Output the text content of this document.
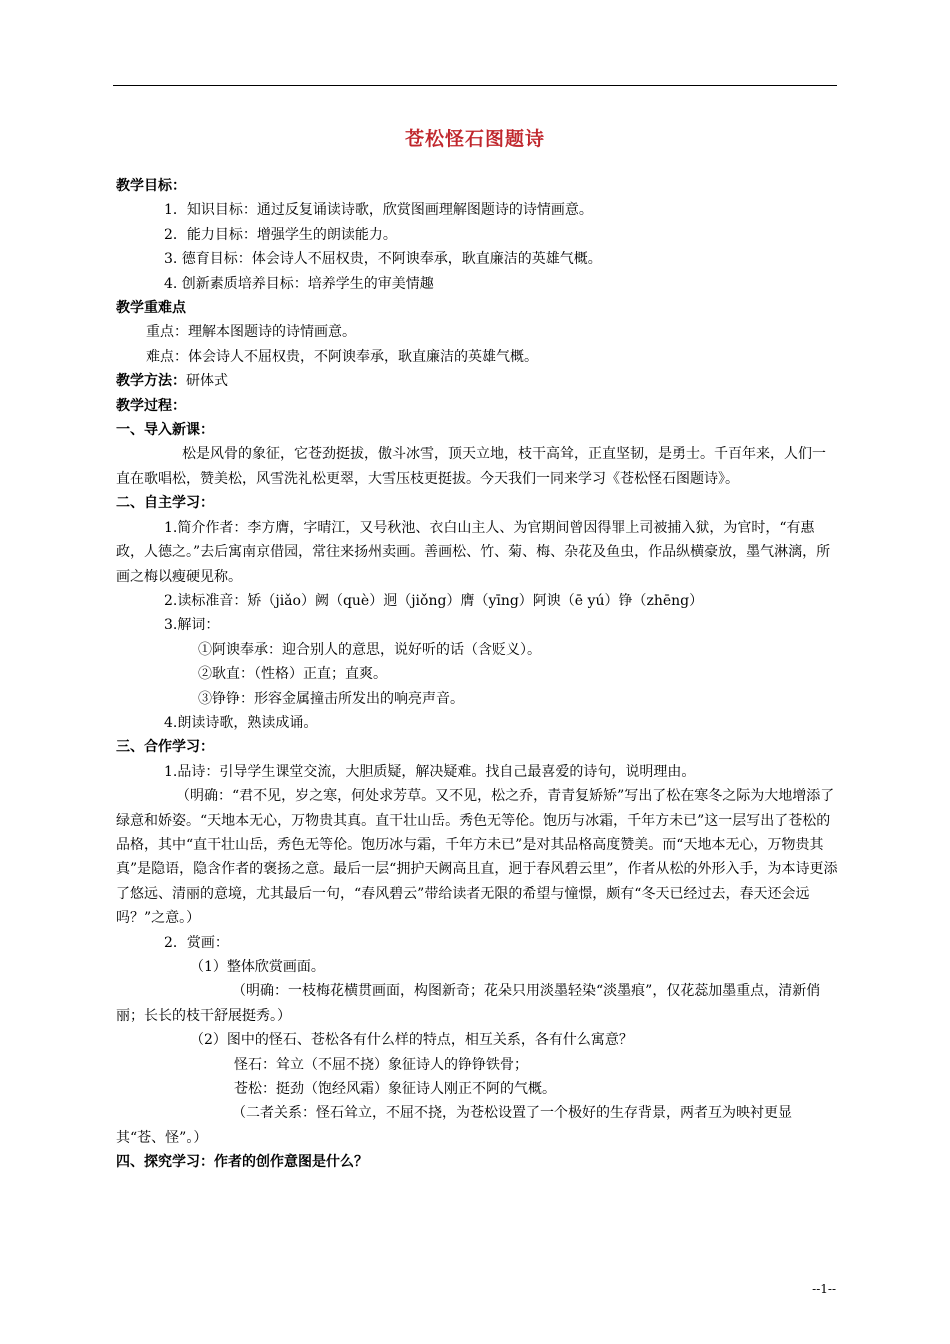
苍松怪石图题诗

教学目标：

1．知识目标：通过反复诵读诗歌，欣赏图画理解图题诗的诗情画意。

2．能力目标：增强学生的朗读能力。

3. 德育目标：体会诗人不屈权贵，不阿谀奉承，耿直廉洁的英雄气概。

4. 创新素质培养目标：培养学生的审美情趣

教学重难点

重点：理解本图题诗的诗情画意。

难点：体会诗人不屈权贵，不阿谀奉承，耿直廉洁的英雄气概。

教学方法：研体式

教学过程：

一、导入新课：

松是风骨的象征，它苍劲挺拔，傲斗冰雪，顶天立地，枝干高耸，正直坚韧，是勇士。千百年来，人们一直在歌唱松，赞美松，风雪洗礼松更翠，大雪压枝更挺拔。今天我们一同来学习《苍松怪石图题诗》。

二、自主学习：

1.简介作者：李方膺，字晴江，又号秋池、衣白山主人、为官期间曾因得罪上司被捕入狱，为官时，“有惠政，人德之。”去后寓南京借园，常往来扬州卖画。善画松、竹、菊、梅、杂花及鱼虫，作品纵横豪放，墨气淋漓，所画之梅以瘦硬见称。

2.读标准音：矫（jiǎo）阙（què）迥（jiǒng）膺（yīng）阿谀（ē yú）铮（zhēng）

3.解词：

①阿谀奉承：迎合别人的意思，说好听的话（含贬义）。

②耿直：（性格）正直；直爽。

③铮铮：形容金属撞击所发出的响亮声音。

4.朗读诗歌，熟读成诵。

三、合作学习：

1.品诗：引导学生课堂交流，大胆质疑，解决疑难。找自己最喜爱的诗句，说明理由。

（明确：“君不见，岁之寒，何处求芳草。又不见，松之乔，青青复矫矫”写出了松在寒冬之际为大地增添了绿意和娇姿。“天地本无心，万物贵其真。直干壮山岳。秀色无等伦。饱历与冰霜，千年方未已”这一层写出了苍松的品格，其中“直干壮山岳，秀色无等伦。饱历冰与霜，千年方未已”是对其品格高度赞美。而“天地本无心，万物贵其真”是隐语，隐含作者的褒扬之意。最后一层“拥护天阙高且直，迥于春风碧云里”，作者从松的外形入手，为本诗更添了悠远、清丽的意境，尤其最后一句，“春风碧云”带给读者无限的希望与憧憬，颇有“冬天已经过去，春天还会远吗？”之意。）

2．赏画：

（1）整体欣赏画面。

（明确：一枝梅花横贯画面，构图新奇；花朵只用淡墨轻染“淡墨痕”，仅花蕊加墨重点，清新俏丽；长长的枝干舒展挺秀。）

（2）图中的怪石、苍松各有什么样的特点，相互关系，各有什么寓意？

怪石：耸立（不屈不挠）象征诗人的铮铮铁骨；

苍松：挺劲（饱经风霜）象征诗人刚正不阿的气概。

（二者关系：怪石耸立，不屈不挠，为苍松设置了一个极好的生存背景，两者互为映衬更显其“苍、怪”。）

四、探究学习：作者的创作意图是什么？

--1--
